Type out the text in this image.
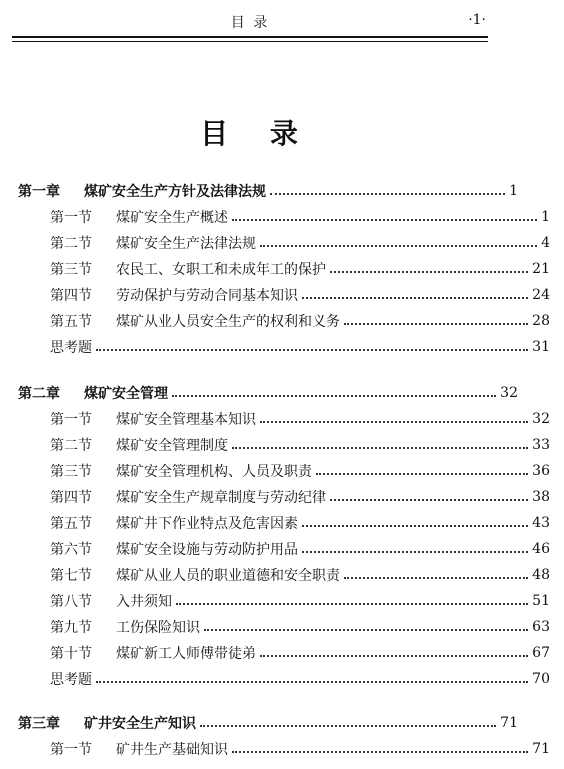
目 录	·1·
目 录
第一章	煤矿安全生产方针及法律法规	1
第一节	煤矿安全生产概述	1
第二节	煤矿安全生产法律法规	4
第三节	农民工、女职工和未成年工的保护	21
第四节	劳动保护与劳动合同基本知识	24
第五节	煤矿从业人员安全生产的权利和义务	28
思考题	31
第二章	煤矿安全管理	32
第一节	煤矿安全管理基本知识	32
第二节	煤矿安全管理制度	33
第三节	煤矿安全管理机构、人员及职责	36
第四节	煤矿安全生产规章制度与劳动纪律	38
第五节	煤矿井下作业特点及危害因素	43
第六节	煤矿安全设施与劳动防护用品	46
第七节	煤矿从业人员的职业道德和安全职责	48
第八节	入井须知	51
第九节	工伤保险知识	63
第十节	煤矿新工人师傅带徒弟	67
思考题	70
第三章	矿井安全生产知识	71
第一节	矿井生产基础知识	71
